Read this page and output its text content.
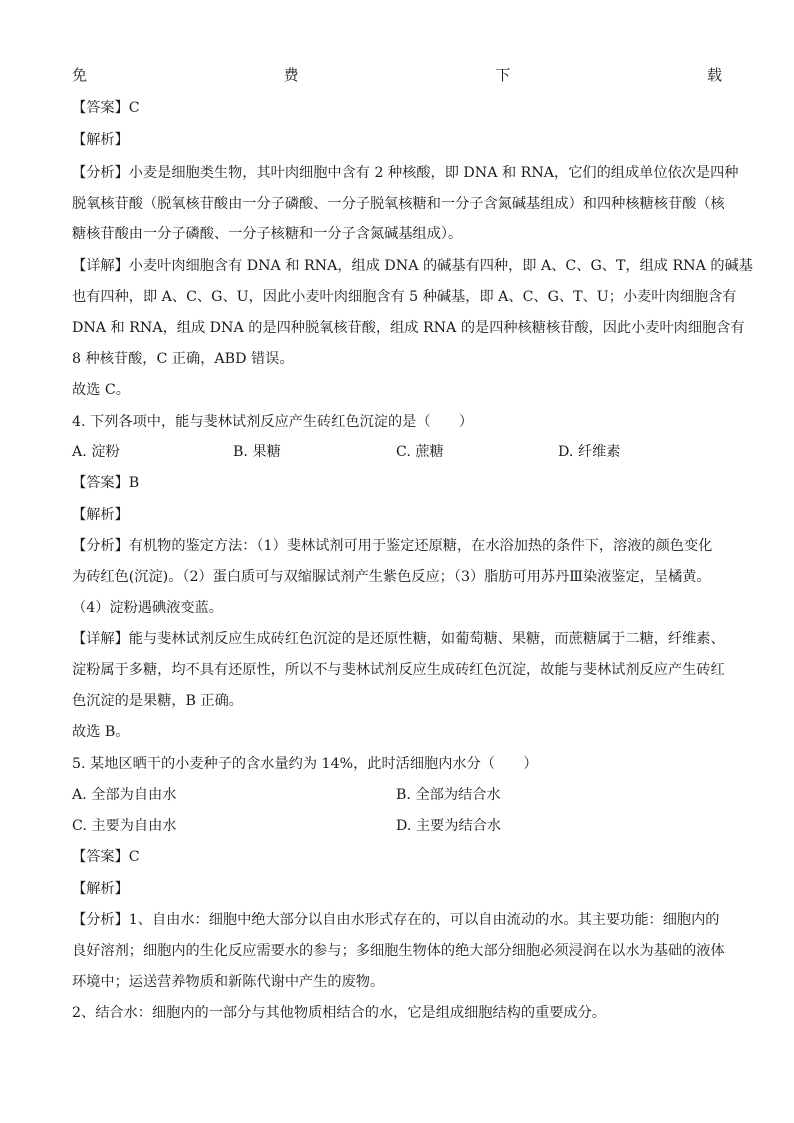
免	费	下	载
【答案】C
【解析】
【分析】小麦是细胞类生物，其叶肉细胞中含有 2 种核酸，即 DNA 和 RNA，它们的组成单位依次是四种
脱氧核苷酸（脱氧核苷酸由一分子磷酸、一分子脱氧核糖和一分子含氮碱基组成）和四种核糖核苷酸（核
糖核苷酸由一分子磷酸、一分子核糖和一分子含氮碱基组成）。
【详解】小麦叶肉细胞含有 DNA 和 RNA，组成 DNA 的碱基有四种，即 A、C、G、T，组成 RNA 的碱基
也有四种，即 A、C、G、U，因此小麦叶肉细胞含有 5 种碱基，即 A、C、G、T、U；小麦叶肉细胞含有
DNA 和 RNA，组成 DNA 的是四种脱氧核苷酸，组成 RNA 的是四种核糖核苷酸，因此小麦叶肉细胞含有
8 种核苷酸，C 正确，ABD 错误。
故选 C。
4. 下列各项中，能与斐林试剂反应产生砖红色沉淀的是（　　）
A. 淀粉	B. 果糖	C. 蔗糖	D. 纤维素
【答案】B
【解析】
【分析】有机物的鉴定方法：（1）斐林试剂可用于鉴定还原糖，在水浴加热的条件下，溶液的颜色变化
为砖红色(沉淀)。（2）蛋白质可与双缩脲试剂产生紫色反应；（3）脂肪可用苏丹Ⅲ染液鉴定，呈橘黄。
（4）淀粉遇碘液变蓝。
【详解】能与斐林试剂反应生成砖红色沉淀的是还原性糖，如葡萄糖、果糖，而蔗糖属于二糖，纤维素、
淀粉属于多糖，均不具有还原性，所以不与斐林试剂反应生成砖红色沉淀，故能与斐林试剂反应产生砖红
色沉淀的是果糖，B 正确。
故选 B。
5. 某地区晒干的小麦种子的含水量约为 14%，此时活细胞内水分（　　）
A. 全部为自由水	B. 全部为结合水
C. 主要为自由水	D. 主要为结合水
【答案】C
【解析】
【分析】1、自由水：细胞中绝大部分以自由水形式存在的，可以自由流动的水。其主要功能：细胞内的
良好溶剂；细胞内的生化反应需要水的参与；多细胞生物体的绝大部分细胞必须浸润在以水为基础的液体
环境中；运送营养物质和新陈代谢中产生的废物。
2、结合水：细胞内的一部分与其他物质相结合的水，它是组成细胞结构的重要成分。
